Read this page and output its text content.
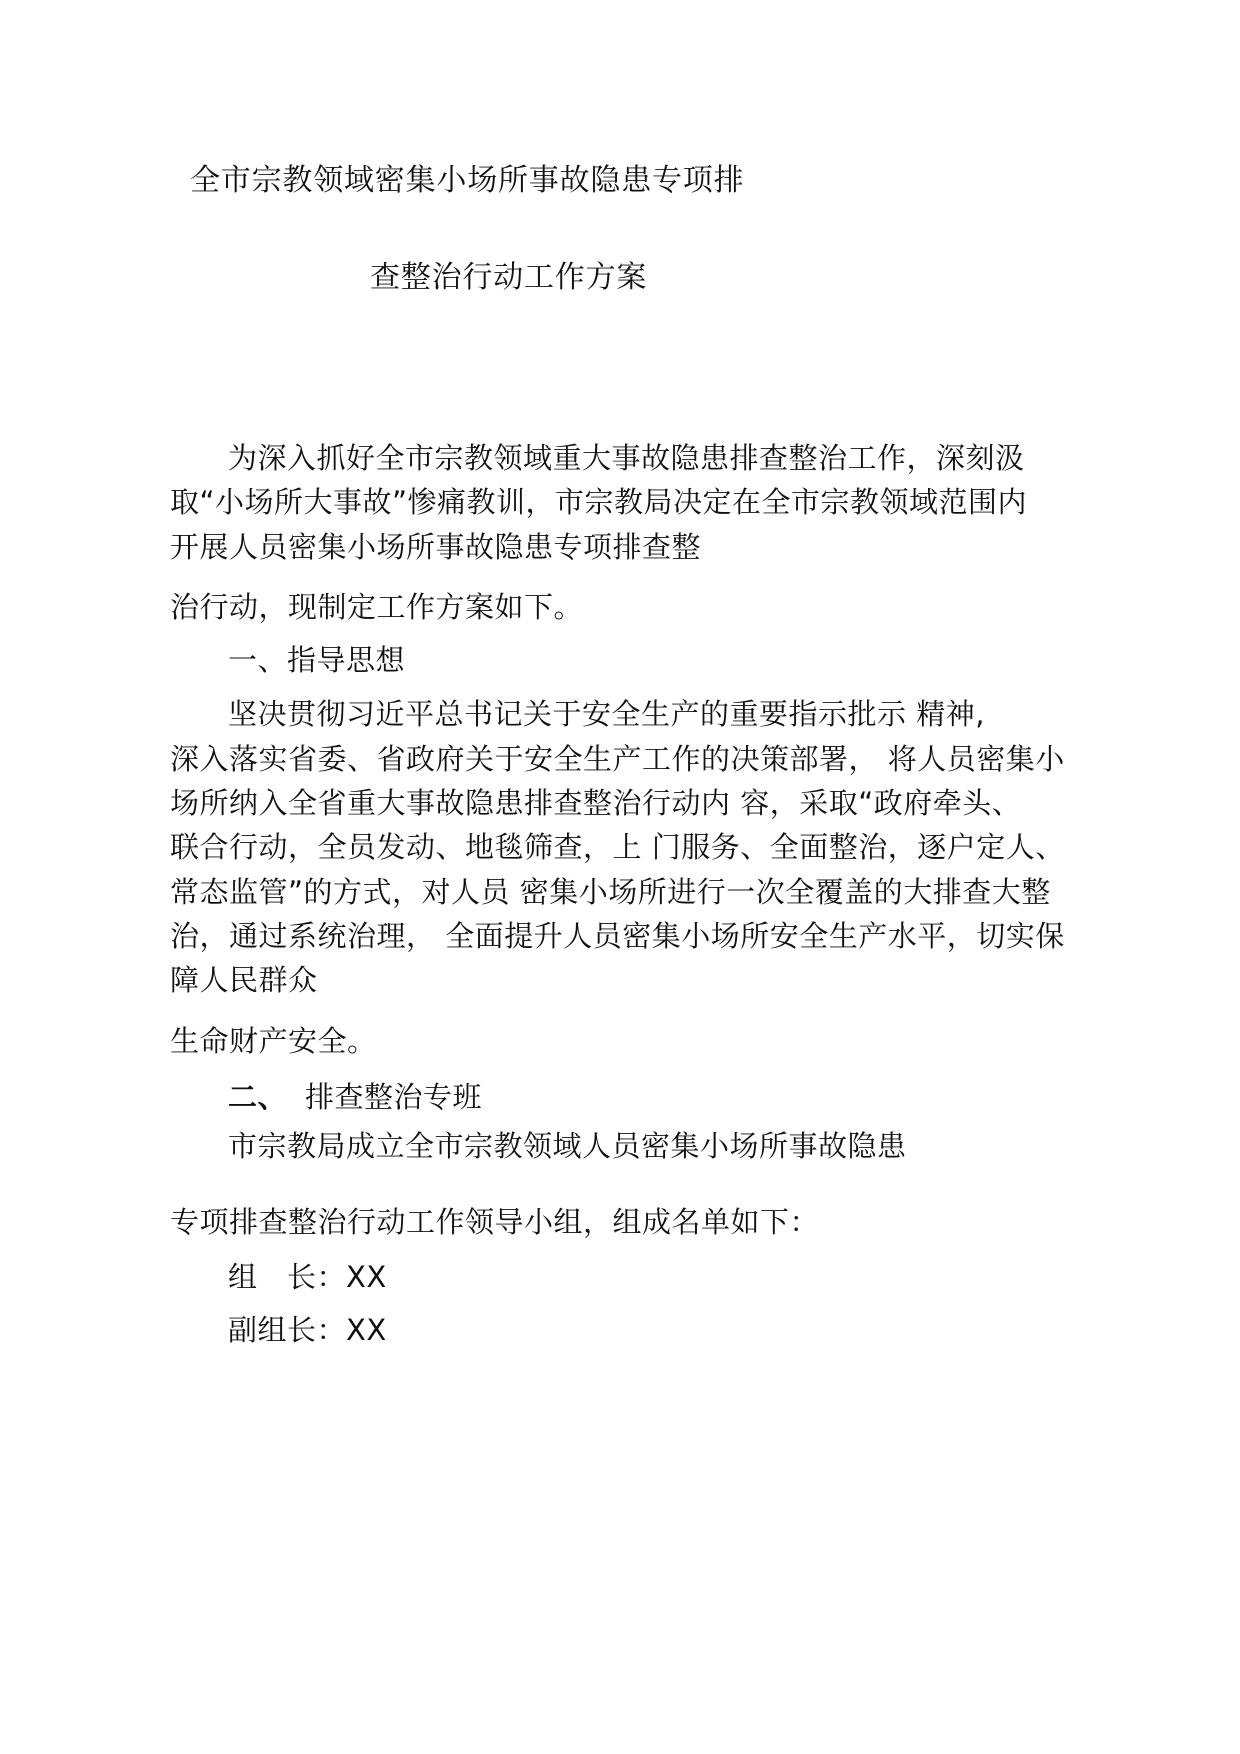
全市宗教领域密集小场所事故隐患专项排
查整治行动工作方案
为深入抓好全市宗教领域重大事故隐患排查整治工作，深刻汲
取“小场所大事故”惨痛教训，市宗教局决定在全市宗教领域范围内
开展人员密集小场所事故隐患专项排查整
治行动，现制定工作方案如下。
一、指导思想
坚决贯彻习近平总书记关于安全生产的重要指示批示 精神,
深入落实省委、省政府关于安全生产工作的决策部署， 将人员密集小
场所纳入全省重大事故隐患排查整治行动内 容，采取“政府牵头、
联合行动，全员发动、地毯筛查，上 门服务、全面整治，逐户定人、
常态监管”的方式，对人员 密集小场所进行一次全覆盖的大排查大整
治，通过系统治理， 全面提升人员密集小场所安全生产水平，切实保
障人民群众
生命财产安全。
二、 排查整治专班
市宗教局成立全市宗教领域人员密集小场所事故隐患
专项排查整治行动工作领导小组，组成名单如下：
组　长：XX
副组长：XX
